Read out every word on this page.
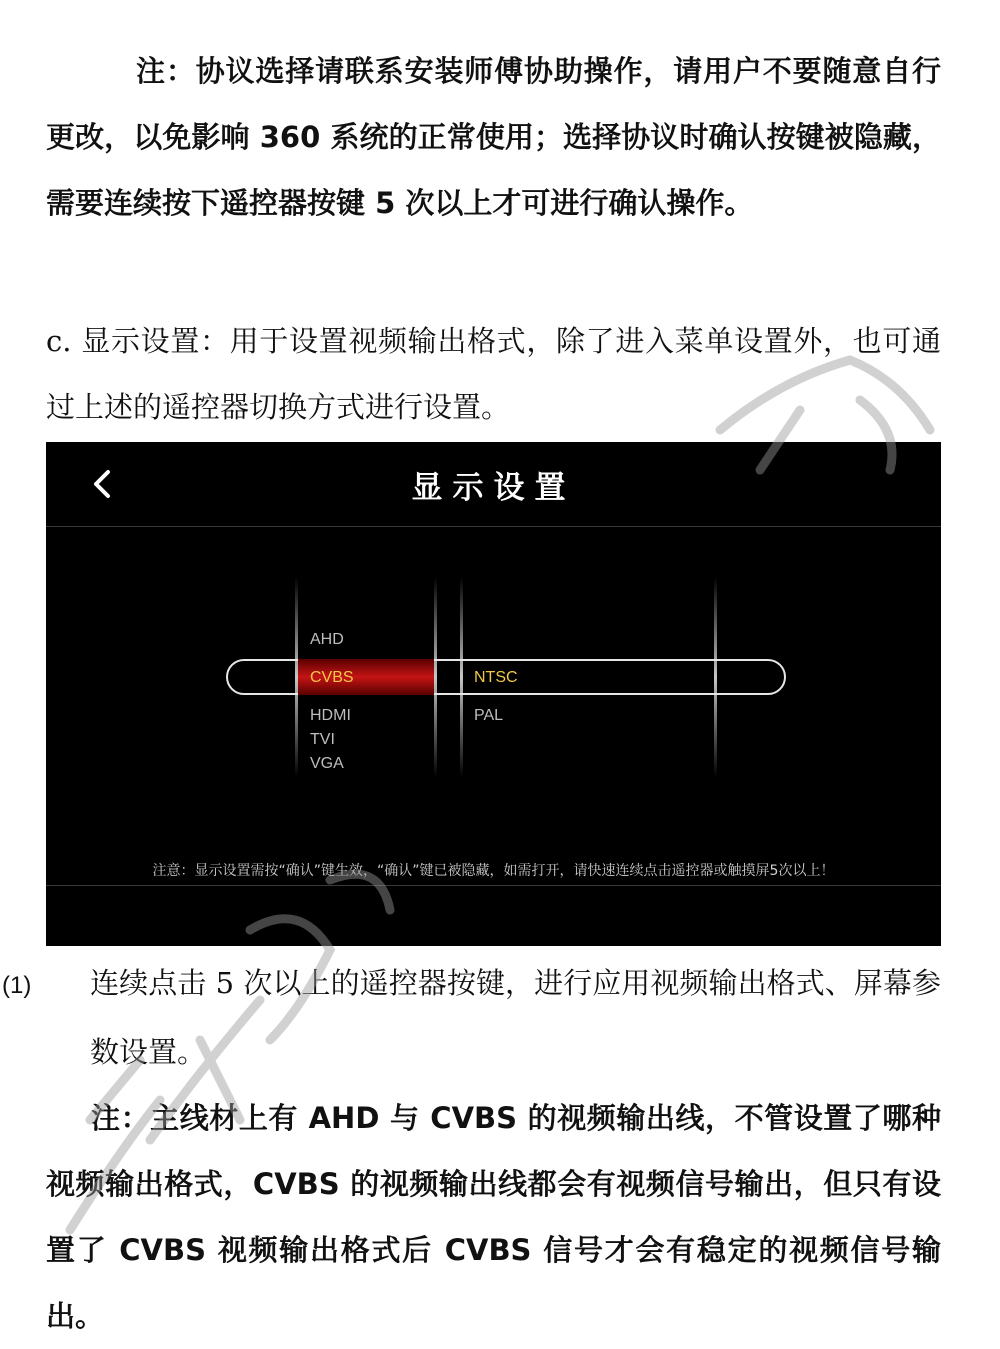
注：协议选择请联系安装师傅协助操作，请用户不要随意自行更改，以免影响 360 系统的正常使用；选择协议时确认按键被隐藏，需要连续按下遥控器按键 5 次以上才可进行确认操作。

c. 显示设置：用于设置视频输出格式，除了进入菜单设置外，也可通过上述的遥控器切换方式进行设置。

显示设置
AHD
CVBS
HDMI
TVI
VGA
NTSC
PAL
注意：显示设置需按“确认”键生效，“确认”键已被隐藏，如需打开，请快速连续点击遥控器或触摸屏5次以上！
(1) 连续点击 5 次以上的遥控器按键，进行应用视频输出格式、屏幕参数设置。

注：主线材上有 AHD 与 CVBS 的视频输出线，不管设置了哪种视频输出格式，CVBS 的视频输出线都会有视频信号输出，但只有设置了 CVBS 视频输出格式后 CVBS 信号才会有稳定的视频信号输出。
